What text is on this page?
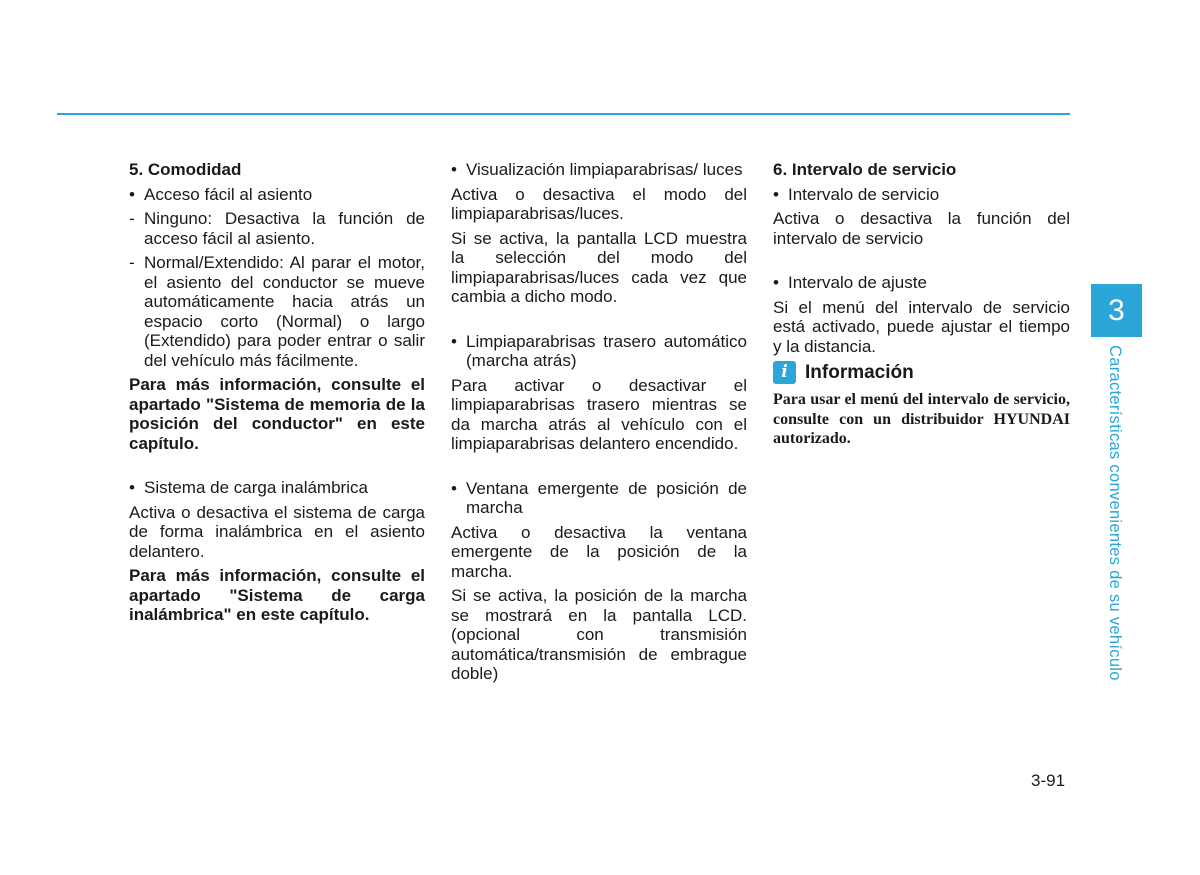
5. Comodidad
• Acceso fácil al asiento
- Ninguno: Desactiva la función de acceso fácil al asiento.
- Normal/Extendido: Al parar el motor, el asiento del conductor se mueve automáticamente hacia atrás un espacio corto (Normal) o largo (Extendido) para poder entrar o salir del vehículo más fácilmente.

Para más información, consulte el apartado "Sistema de memoria de la posición del conductor" en este capítulo.

• Sistema de carga inalámbrica

Activa o desactiva el sistema de carga de forma inalámbrica en el asiento delantero.

Para más información, consulte el apartado "Sistema de carga inalámbrica" en este capítulo.

• Visualización limpiaparabrisas/ luces

Activa o desactiva el modo del limpiaparabrisas/luces.

Si se activa, la pantalla LCD muestra la selección del modo del limpiaparabrisas/luces cada vez que cambia a dicho modo.

• Limpiaparabrisas trasero automático (marcha atrás)

Para activar o desactivar el limpiaparabrisas trasero mientras se da marcha atrás al vehículo con el limpiaparabrisas delantero encendido.

• Ventana emergente de posición de marcha

Activa o desactiva la ventana emergente de la posición de la marcha.

Si se activa, la posición de la marcha se mostrará en la pantalla LCD. (opcional con transmisión automática/transmisión de embrague doble)

6. Intervalo de servicio
• Intervalo de servicio

Activa o desactiva la función del intervalo de servicio

• Intervalo de ajuste

Si el menú del intervalo de servicio está activado, puede ajustar el tiempo y la distancia.

i Información

Para usar el menú del intervalo de servicio, consulte con un distribuidor HYUNDAI autorizado.

3
Características convenientes de su vehículo
3-91
